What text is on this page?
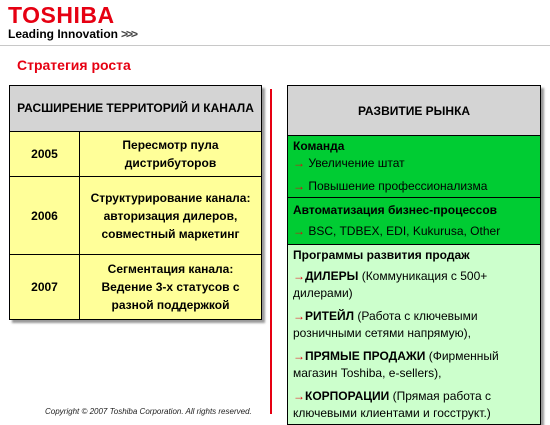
TOSHIBA
Leading Innovation >>>
Стратегия роста
РАСШИРЕНИЕ ТЕРРИТОРИЙ И КАНАЛА	
2005	Пересмотр пула дистрибуторов
2006	Структурирование канала: авторизация дилеров, совместный маркетинг
2007	Сегментация канала: Ведение 3-х статусов с разной поддержкой
РАЗВИТИЕ РЫНКА

Команда
→ Увеличение штат
→ Повышение профессионализма

Автоматизация бизнес-процессов
→ BSC, TDBEX, EDI, Kukurusa, Other

Программы развития продаж
→ДИЛЕРЫ (Коммуникация с 500+ дилерами)
→РИТЕЙЛ (Работа с ключевыми розничными сетями напрямую),
→ПРЯМЫЕ ПРОДАЖИ (Фирменный магазин Toshiba, e-sellers),
→КОРПОРАЦИИ (Прямая работа с ключевыми клиентами и госструкт.)
Copyright © 2007 Toshiba Corporation. All rights reserved.
